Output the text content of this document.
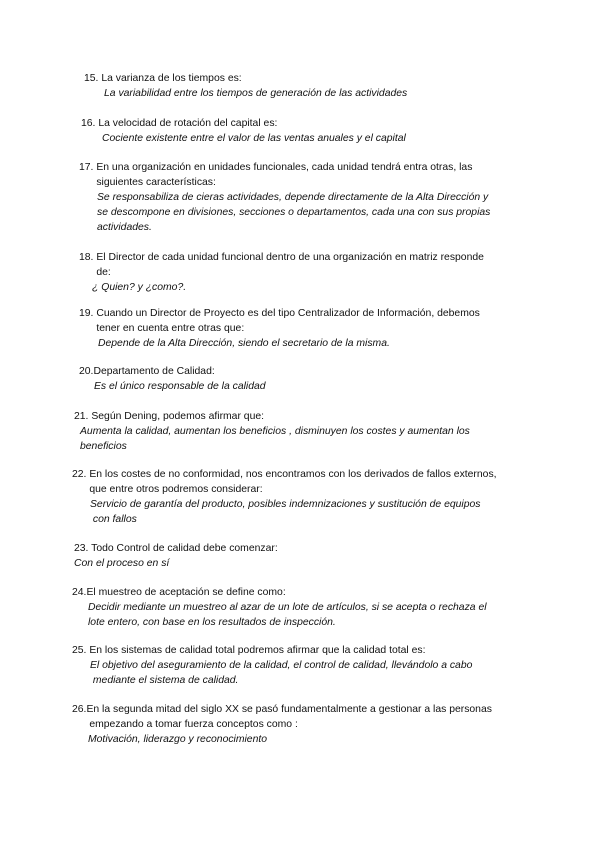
15. La varianza de los tiempos es:
La variabilidad entre los tiempos de generación de las actividades
16. La velocidad de rotación del capital es:
Cociente existente entre el valor de las ventas anuales y el capital
17. En una organización en unidades funcionales, cada unidad tendrá entra otras, las
siguientes características:
Se responsabiliza de cieras actividades, depende directamente de la Alta Dirección y
se descompone en divisiones, secciones o departamentos, cada una con sus propias
actividades.
18. El Director de cada unidad funcional dentro de una organización en matriz responde
de:
¿ Quien? y ¿como?.
19. Cuando un Director de Proyecto es del tipo Centralizador de Información, debemos
tener en cuenta entre otras que:
Depende de la Alta Dirección, siendo el secretario de la misma.
20.Departamento de Calidad:
Es el único responsable de la calidad
21. Según Dening, podemos afirmar que:
Aumenta la calidad, aumentan los beneficios , disminuyen los costes y aumentan los
beneficios
22. En los costes de no conformidad, nos encontramos con los derivados de fallos externos,
que entre otros podremos considerar:
Servicio de garantía del producto, posibles indemnizaciones y sustitución de equipos
con fallos
23. Todo Control de calidad debe comenzar:
Con el proceso en sí
24.El muestreo de aceptación se define como:
Decidir mediante un muestreo al azar de un lote de artículos, si se acepta o rechaza el
lote entero, con base en los resultados de inspección.
25. En los sistemas de calidad total podremos afirmar que la calidad total es:
El objetivo del aseguramiento de la calidad, el control de calidad, llevándolo a cabo
mediante el sistema de calidad.
26.En la segunda mitad del siglo XX se pasó fundamentalmente a gestionar a las personas
empezando a tomar fuerza conceptos como :
Motivación, liderazgo y reconocimiento
